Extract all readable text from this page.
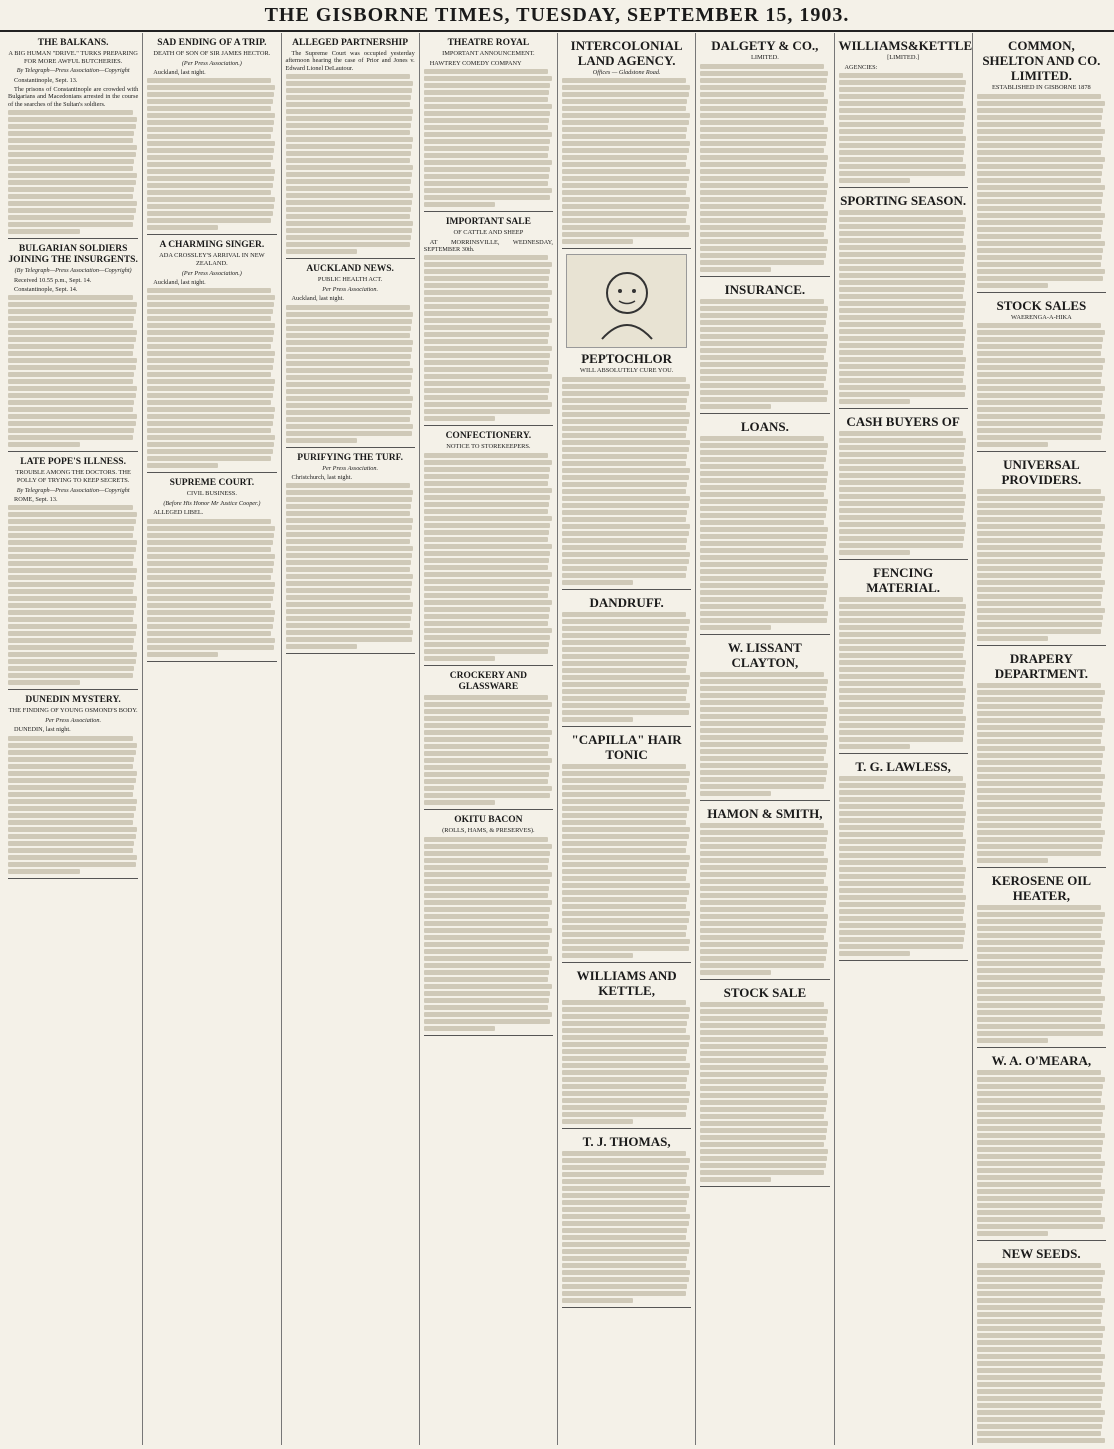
THE GISBORNE TIMES, TUESDAY, SEPTEMBER 15, 1903.
THE BALKANS.
A BIG HUMAN "DRIVE." TURKS PREPARING FOR MORE AWFUL BUTCHERIES.
By Telegraph—Press Association—Copyright

Constantinople, Sept. 13.

The prisons of Constantinople are crowded with Bulgarians and Macedonians arrested in the course of the searches of the Sultan's soldiers.

BULGARIAN SOLDIERS JOINING THE INSURGENTS.
(By Telegraph—Press Association—Copyright)

Received 10.55 p.m., Sept. 14.

Constantinople, Sept. 14.

LATE POPE'S ILLNESS.
TROUBLE AMONG THE DOCTORS. THE POLLY OF TRYING TO KEEP SECRETS.
By Telegraph—Press Association—Copyright

ROME, Sept. 13.

DUNEDIN MYSTERY.
THE FINDING OF YOUNG OSMOND'S BODY.
Per Press Association.

DUNEDIN, last night.

SAD ENDING OF A TRIP.
DEATH OF SON OF SIR JAMES HECTOR.
(Per Press Association.)

Auckland, last night.

A CHARMING SINGER.
ADA CROSSLEY'S ARRIVAL IN NEW ZEALAND.
(Per Press Association.)

Auckland, last night.

SUPREME COURT.
CIVIL BUSINESS.
(Before His Honor Mr Justice Cooper.)

ALLEGED LIBEL.

ALLEGED PARTNERSHIP

The Supreme Court was occupied yesterday afternoon hearing the case of Prior and Jones v. Edward Lionel DeLautour.

AUCKLAND NEWS.
PUBLIC HEALTH ACT.
Per Press Association.

Auckland, last night.

PURIFYING THE TURF.
Per Press Association.

Christchurch, last night.

THEATRE ROYAL
IMPORTANT ANNOUNCEMENT.

HAWTREY COMEDY COMPANY

IMPORTANT SALE
OF CATTLE AND SHEEP

AT MORRINSVILLE, WEDNESDAY, SEPTEMBER 30th.

CONFECTIONERY.
NOTICE TO STOREKEEPERS.
CROCKERY AND GLASSWARE
OKITU BACON
(ROLLS, HAMS, & PRESERVES).
INTERCOLONIAL LAND AGENCY.
Offices — Gladstone Road.
PEPTOCHLOR
WILL ABSOLUTELY CURE YOU.
DANDRUFF.
"CAPILLA" HAIR TONIC
WILLIAMS AND KETTLE,
T. J. THOMAS,
DALGETY & CO.,
LIMITED.
INSURANCE.
LOANS.
W. LISSANT CLAYTON,
HAMON & SMITH,
STOCK SALE
WILLIAMS&KETTLE
[LIMITED.]

AGENCIES:

SPORTING SEASON.
CASH BUYERS OF
FENCING MATERIAL.
T. G. LAWLESS,
COMMON, SHELTON AND CO. LIMITED.
ESTABLISHED IN GISBORNE 1878
STOCK SALES
WAERENGA-A-HIKA
UNIVERSAL PROVIDERS.
DRAPERY DEPARTMENT.
KEROSENE OIL HEATER,
W. A. O'MEARA,
NEW SEEDS.
